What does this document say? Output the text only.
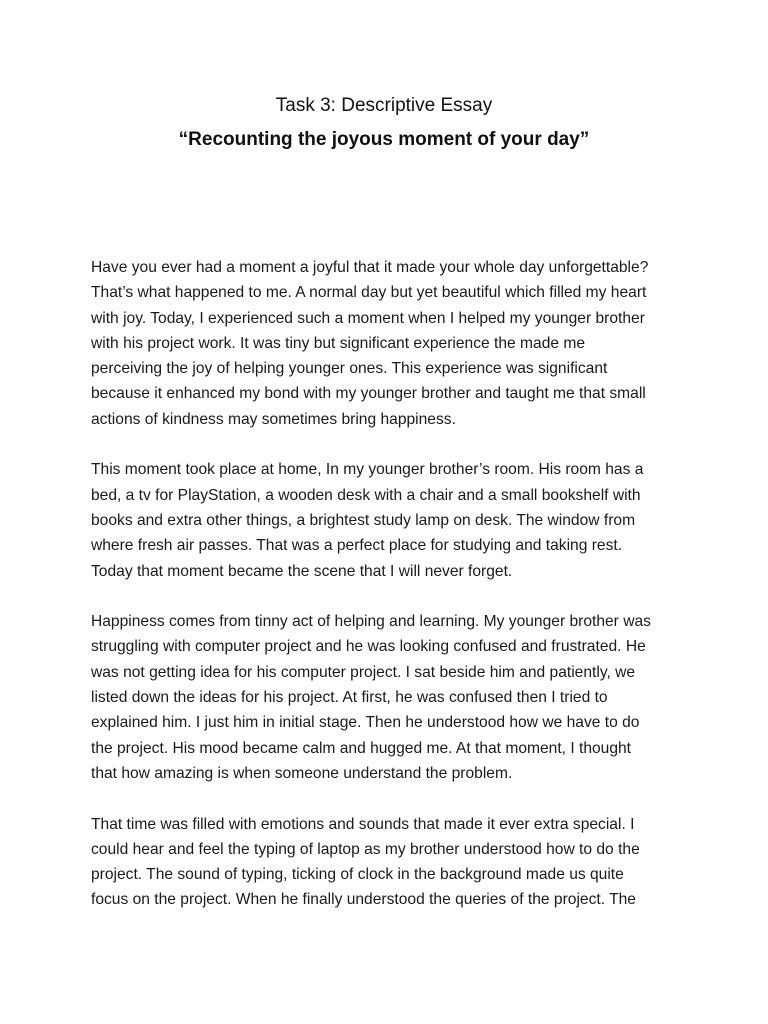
Task 3: Descriptive Essay
“Recounting the joyous moment of your day”

Have you ever had a moment a joyful that it made your whole day unforgettable?
That’s what happened to me. A normal day but yet beautiful which filled my heart
with joy. Today, I experienced such a moment when I helped my younger brother
with his project work. It was tiny but significant experience the made me
perceiving the joy of helping younger ones. This experience was significant
because it enhanced my bond with my younger brother and taught me that small
actions of kindness may sometimes bring happiness.

This moment took place at home, In my younger brother’s room. His room has a
bed, a tv for PlayStation, a wooden desk with a chair and a small bookshelf with
books and extra other things, a brightest study lamp on desk. The window from
where fresh air passes. That was a perfect place for studying and taking rest.
Today that moment became the scene that I will never forget.

Happiness comes from tinny act of helping and learning. My younger brother was
struggling with computer project and he was looking confused and frustrated. He
was not getting idea for his computer project. I sat beside him and patiently, we
listed down the ideas for his project. At first, he was confused then I tried to
explained him. I just him in initial stage. Then he understood how we have to do
the project. His mood became calm and hugged me. At that moment, I thought
that how amazing is when someone understand the problem.

That time was filled with emotions and sounds that made it ever extra special. I
could hear and feel the typing of laptop as my brother understood how to do the
project. The sound of typing, ticking of clock in the background made us quite
focus on the project. When he finally understood the queries of the project. The
